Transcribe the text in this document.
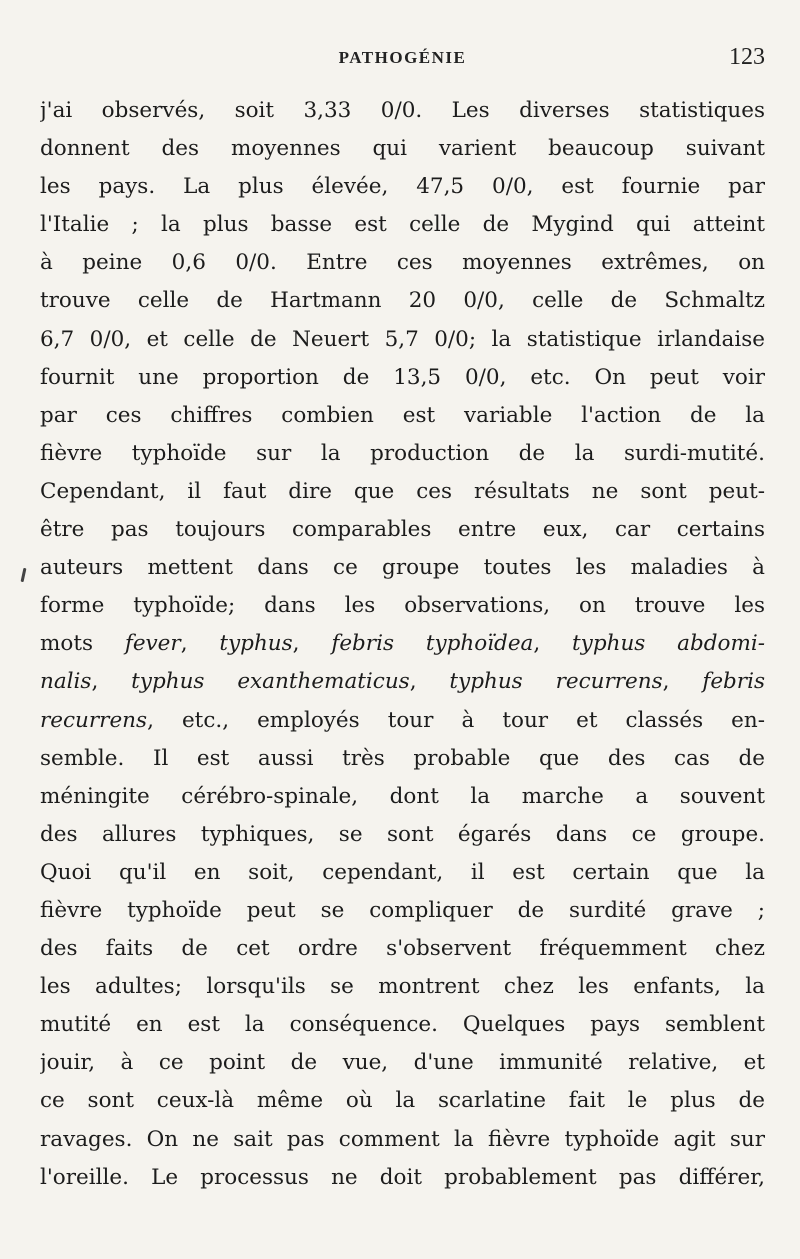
PATHOGÉNIE	123
j'ai observés, soit 3,33 0/0. Les diverses statistiques
donnent des moyennes qui varient beaucoup suivant
les pays. La plus élevée, 47,5 0/0, est fournie par
l'Italie ; la plus basse est celle de Mygind qui atteint
à peine 0,6 0/0. Entre ces moyennes extrêmes, on
trouve celle de Hartmann 20 0/0, celle de Schmaltz
6,7 0/0, et celle de Neuert 5,7 0/0; la statistique irlandaise
fournit une proportion de 13,5 0/0, etc. On peut voir
par ces chiffres combien est variable l'action de la
fièvre typhoïde sur la production de la surdi-mutité.
Cependant, il faut dire que ces résultats ne sont peut-
être pas toujours comparables entre eux, car certains
auteurs mettent dans ce groupe toutes les maladies à
forme typhoïde; dans les observations, on trouve les
mots fever, typhus, febris typhoïdea, typhus abdomi-
nalis, typhus exanthematicus, typhus recurrens, febris
recurrens, etc., employés tour à tour et classés en-
semble. Il est aussi très probable que des cas de
méningite cérébro-spinale, dont la marche a souvent
des allures typhiques, se sont égarés dans ce groupe.
Quoi qu'il en soit, cependant, il est certain que la
fièvre typhoïde peut se compliquer de surdité grave ;
des faits de cet ordre s'observent fréquemment chez
les adultes; lorsqu'ils se montrent chez les enfants, la
mutité en est la conséquence. Quelques pays semblent
jouir, à ce point de vue, d'une immunité relative, et
ce sont ceux-là même où la scarlatine fait le plus de
ravages. On ne sait pas comment la fièvre typhoïde agit sur
l'oreille. Le processus ne doit probablement pas différer,
